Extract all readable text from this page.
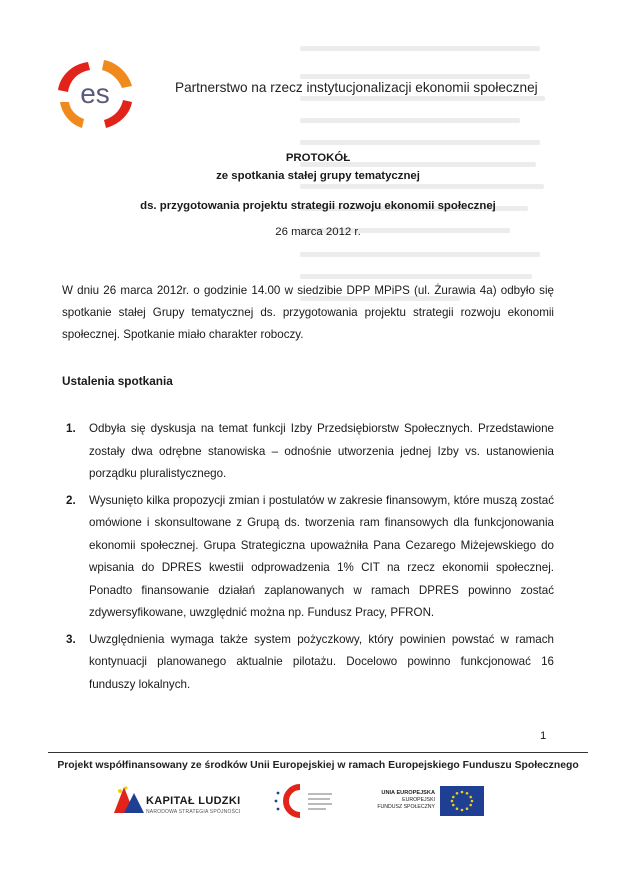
es	Partnerstwo na rzecz instytucjonalizacji ekonomii społecznej
PROTOKÓŁ
ze spotkania stałej grupy tematycznej
ds. przygotowania projektu strategii rozwoju ekonomii społecznej
26 marca 2012 r.
W dniu 26 marca 2012r. o godzinie 14.00 w siedzibie DPP MPiPS (ul. Żurawia 4a) odbyło się spotkanie stałej Grupy tematycznej ds. przygotowania projektu strategii rozwoju ekonomii społecznej. Spotkanie miało charakter roboczy.
Ustalenia spotkania
1. Odbyła się dyskusja na temat funkcji Izby Przedsiębiorstw Społecznych. Przedstawione zostały dwa odrębne stanowiska – odnośnie utworzenia jednej Izby vs. ustanowienia porządku pluralistycznego.
2. Wysunięto kilka propozycji zmian i postulatów w zakresie finansowym, które muszą zostać omówione i skonsultowane z Grupą ds. tworzenia ram finansowych dla funkcjonowania ekonomii społecznej. Grupa Strategiczna upoważniła Pana Cezarego Miżejewskiego do wpisania do DPRES kwestii odprowadzenia 1% CIT na rzecz ekonomii społecznej. Ponadto finansowanie działań zaplanowanych w ramach DPRES powinno zostać zdywersyfikowane, uwzględnić można np. Fundusz Pracy, PFRON.
3. Uwzględnienia wymaga także system pożyczkowy, który powinien powstać w ramach kontynuacji planowanego aktualnie pilotażu. Docelowo powinno funkcjonować 16 funduszy lokalnych.
1
Projekt współfinansowany ze środków Unii Europejskiej w ramach Europejskiego Funduszu Społecznego
KAPITAŁ LUDZKI
NARODOWA STRATEGIA SPÓJNOŚCI
UNIA EUROPEJSKA
EUROPEJSKI
FUNDUSZ SPOŁECZNY
